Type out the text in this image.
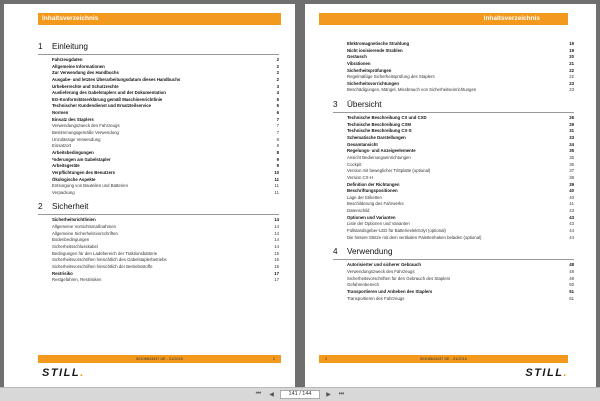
Inhaltsverzeichnis
1	Einleitung
Fahrzeugdaten	2
Allgemeine Informationen	2
Zur Verwendung des Handbuchs	2
Ausgabe- und letztes Überarbeitungsdatum dieses Handbuchs	2
Urheberrechte und Schutzrechte	3
Auslieferung des Gabelstaplers und der Dokumentation	4
EG-Konformitätserklärung gemäß Maschinenrichtlinie	5
Technischer Kundendienst und Ersatzteilservice	5
Normen	6
Einsatz des Staplers	7
Verwendungszweck des Fahrzeugs	7
Bestimmungsgemäße Verwendung	7
Unzulässige Verwendung	8
Einsatzort	8
Arbeitsbedingungen	8
*nderungen am Gabelstapler	9
Arbeitsgeräte	9
Verpflichtungen des Benutzers	10
Ökologische Aspekte	11
Entsorgung von Bauteilen und Batterien	11
Verpackung	11
2	Sicherheit
Sicherheitsrichtlinien	14
Allgemeine Vorsichtsmaßnahmen	14
Allgemeine Sicherheitsvorschriften	14
Bodenbedingungen	14
Sicherheitsschlusskabel	14
Bedingungen für den Ladebereich der Traktionsbatterie	15
Sicherheitsvorschriften hinsichtlich des Gabelstaplerbetriebs	15
Sicherheitsvorschriften hinsichtlich der Betriebsstoffe	16
Restrisiko	17
Restgefahren, Restrisiken	17
50108643437 DE - 01/2016	1
STILL.
Inhaltsverzeichnis
Elektromagnetische Strahlung	19
Nicht ionisierende Strahlen	19
Geräusch	20
Vibrationen	21
Sicherheitsprüfungen	22
Regelmäßige Sicherheitsprüfung des Staplers	22
Sicherheitsvorrichtungen	23
Beschädigungen, Mängel, Missbrauch von Sicherheitseinrichtungen	23
3	Übersicht
Technische Beschreibung CX und CXD	26
Technische Beschreibung CXM	29
Technische Beschreibung CX-S	31
Schematische Darstellungen	33
Gesamtansicht	34
Regelungs- und Anzeigeelemente	35
Ansicht Bedienungseinrichtungen	35
Cockpit	36
Version mit beweglicher Trittplatte (optional)	37
Version CX-H	38
Definition der Richtungen	39
Beschriftungspositionen	40
Lage der Etiketten	40
Beschilderung des Fahrwerks	41
Datenschild	43
Optionen und Varianten	43
Liste der Optionen und Varianten	43
Füllstandsgeber-LED für Batterieelektrolyt (optional)	44
Die hintere Stütze mit dem vertikalen Palettenhaken beladen (optional)	44
4	Verwendung
Autorisierter und sicherer Gebrauch	48
Verwendungszweck des Fahrzeugs	48
Sicherheitsvorschriften für den Gebrauch des Staplers	48
Gefahrenbereich	50
Transportieren und Anheben des Staplers	51
Transportieren des Fahrzeugs	51
2	50108643437 DE - 01/2016
STILL.
⏮	◀	141 / 144	▶	⏭
